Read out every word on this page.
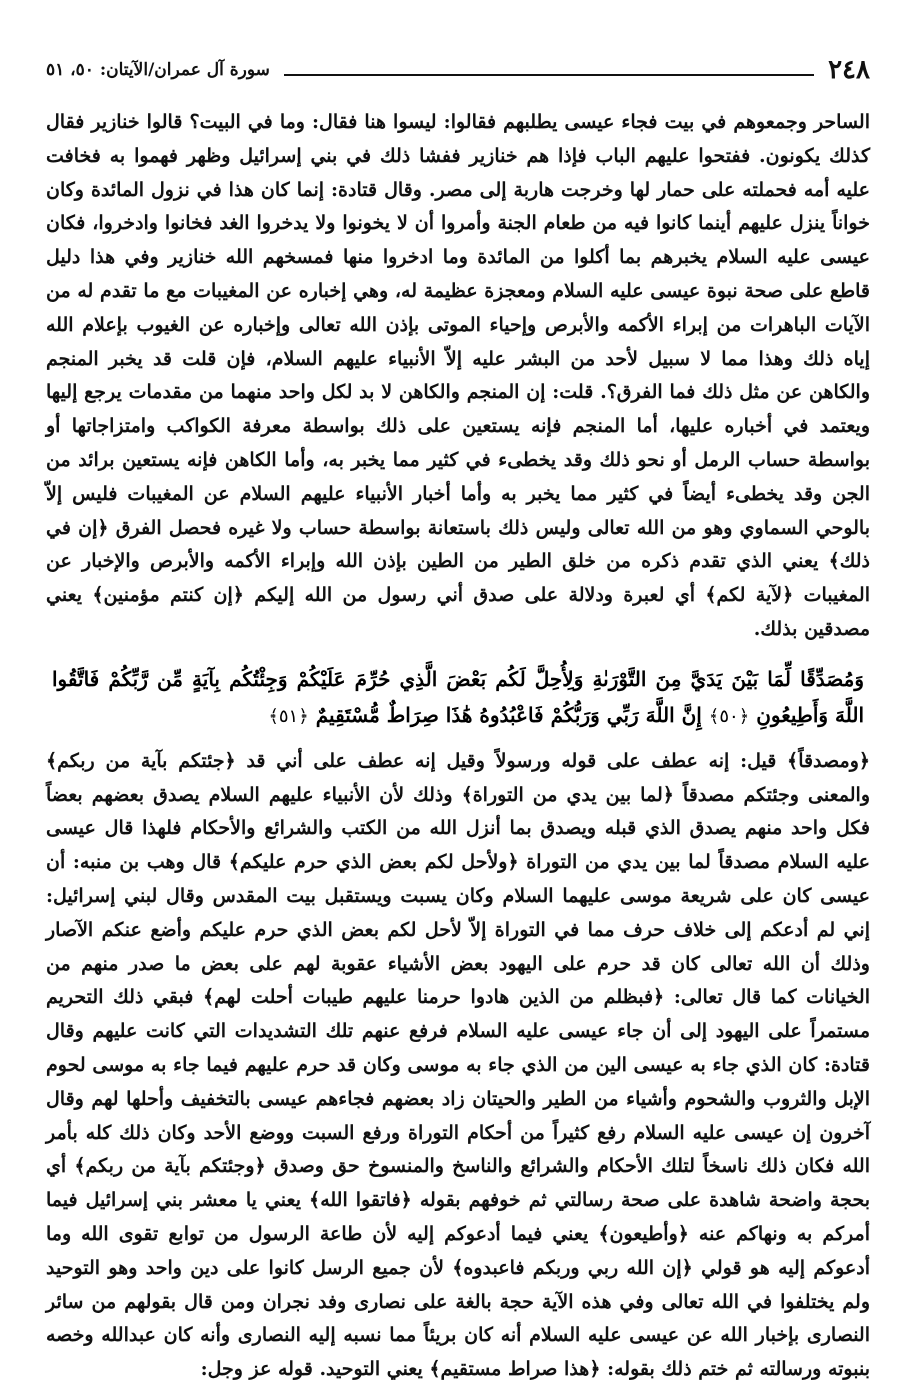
٢٤٨
سورة آل عمران/الآيتان: ٥٠، ٥١

الساحر وجمعوهم في بيت فجاء عيسى يطلبهم فقالوا: ليسوا هنا فقال: وما في البيت؟ قالوا خنازير فقال كذلك يكونون. ففتحوا عليهم الباب فإذا هم خنازير ففشا ذلك في بني إسرائيل وظهر فهموا به فخافت عليه أمه فحملته على حمار لها وخرجت هاربة إلى مصر. وقال قتادة: إنما كان هذا في نزول المائدة وكان خواناً ينزل عليهم أينما كانوا فيه من طعام الجنة وأمروا أن لا يخونوا ولا يدخروا الغد فخانوا وادخروا، فكان عيسى عليه السلام يخبرهم بما أكلوا من المائدة وما ادخروا منها فمسخهم الله خنازير وفي هذا دليل قاطع على صحة نبوة عيسى عليه السلام ومعجزة عظيمة له، وهي إخباره عن المغيبات مع ما تقدم له من الآيات الباهرات من إبراء الأكمه والأبرص وإحياء الموتى بإذن الله تعالى وإخباره عن الغيوب بإعلام الله إياه ذلك وهذا مما لا سبيل لأحد من البشر عليه إلاّ الأنبياء عليهم السلام، فإن قلت قد يخبر المنجم والكاهن عن مثل ذلك فما الفرق؟. قلت: إن المنجم والكاهن لا بد لكل واحد منهما من مقدمات يرجع إليها ويعتمد في أخباره عليها، أما المنجم فإنه يستعين على ذلك بواسطة معرفة الكواكب وامتزاجاتها أو بواسطة حساب الرمل أو نحو ذلك وقد يخطىء في كثير مما يخبر به، وأما الكاهن فإنه يستعين برائد من الجن وقد يخطىء أيضاً في كثير مما يخبر به وأما أخبار الأنبياء عليهم السلام عن المغيبات فليس إلاّ بالوحي السماوي وهو من الله تعالى وليس ذلك باستعانة بواسطة حساب ولا غيره فحصل الفرق ﴿إن في ذلك﴾ يعني الذي تقدم ذكره من خلق الطير من الطين بإذن الله وإبراء الأكمه والأبرص والإخبار عن المغيبات ﴿لآية لكم﴾ أي لعبرة ودلالة على صدق أني رسول من الله إليكم ﴿إن كنتم مؤمنين﴾ يعني مصدقين بذلك.

وَمُصَدِّقًا لِّمَا بَيْنَ يَدَيَّ مِنَ التَّوْرَىٰةِ وَلِأُحِلَّ لَكُم بَعْضَ الَّذِي حُرِّمَ عَلَيْكُمْ وَجِئْتُكُم بِآيَةٍ مِّن رَّبِّكُمْ فَاتَّقُوا اللَّهَ وَأَطِيعُونِ ﴿٥٠﴾ إِنَّ اللَّهَ رَبِّي وَرَبُّكُمْ فَاعْبُدُوهُ هَٰذَا صِرَاطٌ مُّسْتَقِيمٌ ﴿٥١﴾

﴿ومصدقاً﴾ قيل: إنه عطف على قوله ورسولاً وقيل إنه عطف على أني قد ﴿جئتكم بآية من ربكم﴾ والمعنى وجئتكم مصدقاً ﴿لما بين يدي من التوراة﴾ وذلك لأن الأنبياء عليهم السلام يصدق بعضهم بعضاً فكل واحد منهم يصدق الذي قبله ويصدق بما أنزل الله من الكتب والشرائع والأحكام فلهذا قال عيسى عليه السلام مصدقاً لما بين يدي من التوراة ﴿ولأحل لكم بعض الذي حرم عليكم﴾ قال وهب بن منبه: أن عيسى كان على شريعة موسى عليهما السلام وكان يسبت ويستقبل بيت المقدس وقال لبني إسرائيل: إني لم أدعكم إلى خلاف حرف مما في التوراة إلاّ لأحل لكم بعض الذي حرم عليكم وأضع عنكم الآصار وذلك أن الله تعالى كان قد حرم على اليهود بعض الأشياء عقوبة لهم على بعض ما صدر منهم من الخيانات كما قال تعالى: ﴿فبظلم من الذين هادوا حرمنا عليهم طيبات أحلت لهم﴾ فبقي ذلك التحريم مستمراً على اليهود إلى أن جاء عيسى عليه السلام فرفع عنهم تلك التشديدات التي كانت عليهم وقال قتادة: كان الذي جاء به عيسى الين من الذي جاء به موسى وكان قد حرم عليهم فيما جاء به موسى لحوم الإبل والثروب والشحوم وأشياء من الطير والحيتان زاد بعضهم فجاءهم عيسى بالتخفيف وأحلها لهم وقال آخرون إن عيسى عليه السلام رفع كثيراً من أحكام التوراة ورفع السبت ووضع الأحد وكان ذلك كله بأمر الله فكان ذلك ناسخاً لتلك الأحكام والشرائع والناسخ والمنسوخ حق وصدق ﴿وجئتكم بآية من ربكم﴾ أي بحجة واضحة شاهدة على صحة رسالتي ثم خوفهم بقوله ﴿فاتقوا الله﴾ يعني يا معشر بني إسرائيل فيما أمركم به ونهاكم عنه ﴿وأطيعون﴾ يعني فيما أدعوكم إليه لأن طاعة الرسول من توابع تقوى الله وما أدعوكم إليه هو قولي ﴿إن الله ربي وربكم فاعبدوه﴾ لأن جميع الرسل كانوا على دين واحد وهو التوحيد ولم يختلفوا في الله تعالى وفي هذه الآية حجة بالغة على نصارى وفد نجران ومن قال بقولهم من سائر النصارى بإخبار الله عن عيسى عليه السلام أنه كان بريئاً مما نسبه إليه النصارى وأنه كان عبدالله وخصه بنبوته ورسالته ثم ختم ذلك بقوله: ﴿هذا صراط مستقيم﴾ يعني التوحيد. قوله عز وجل:
